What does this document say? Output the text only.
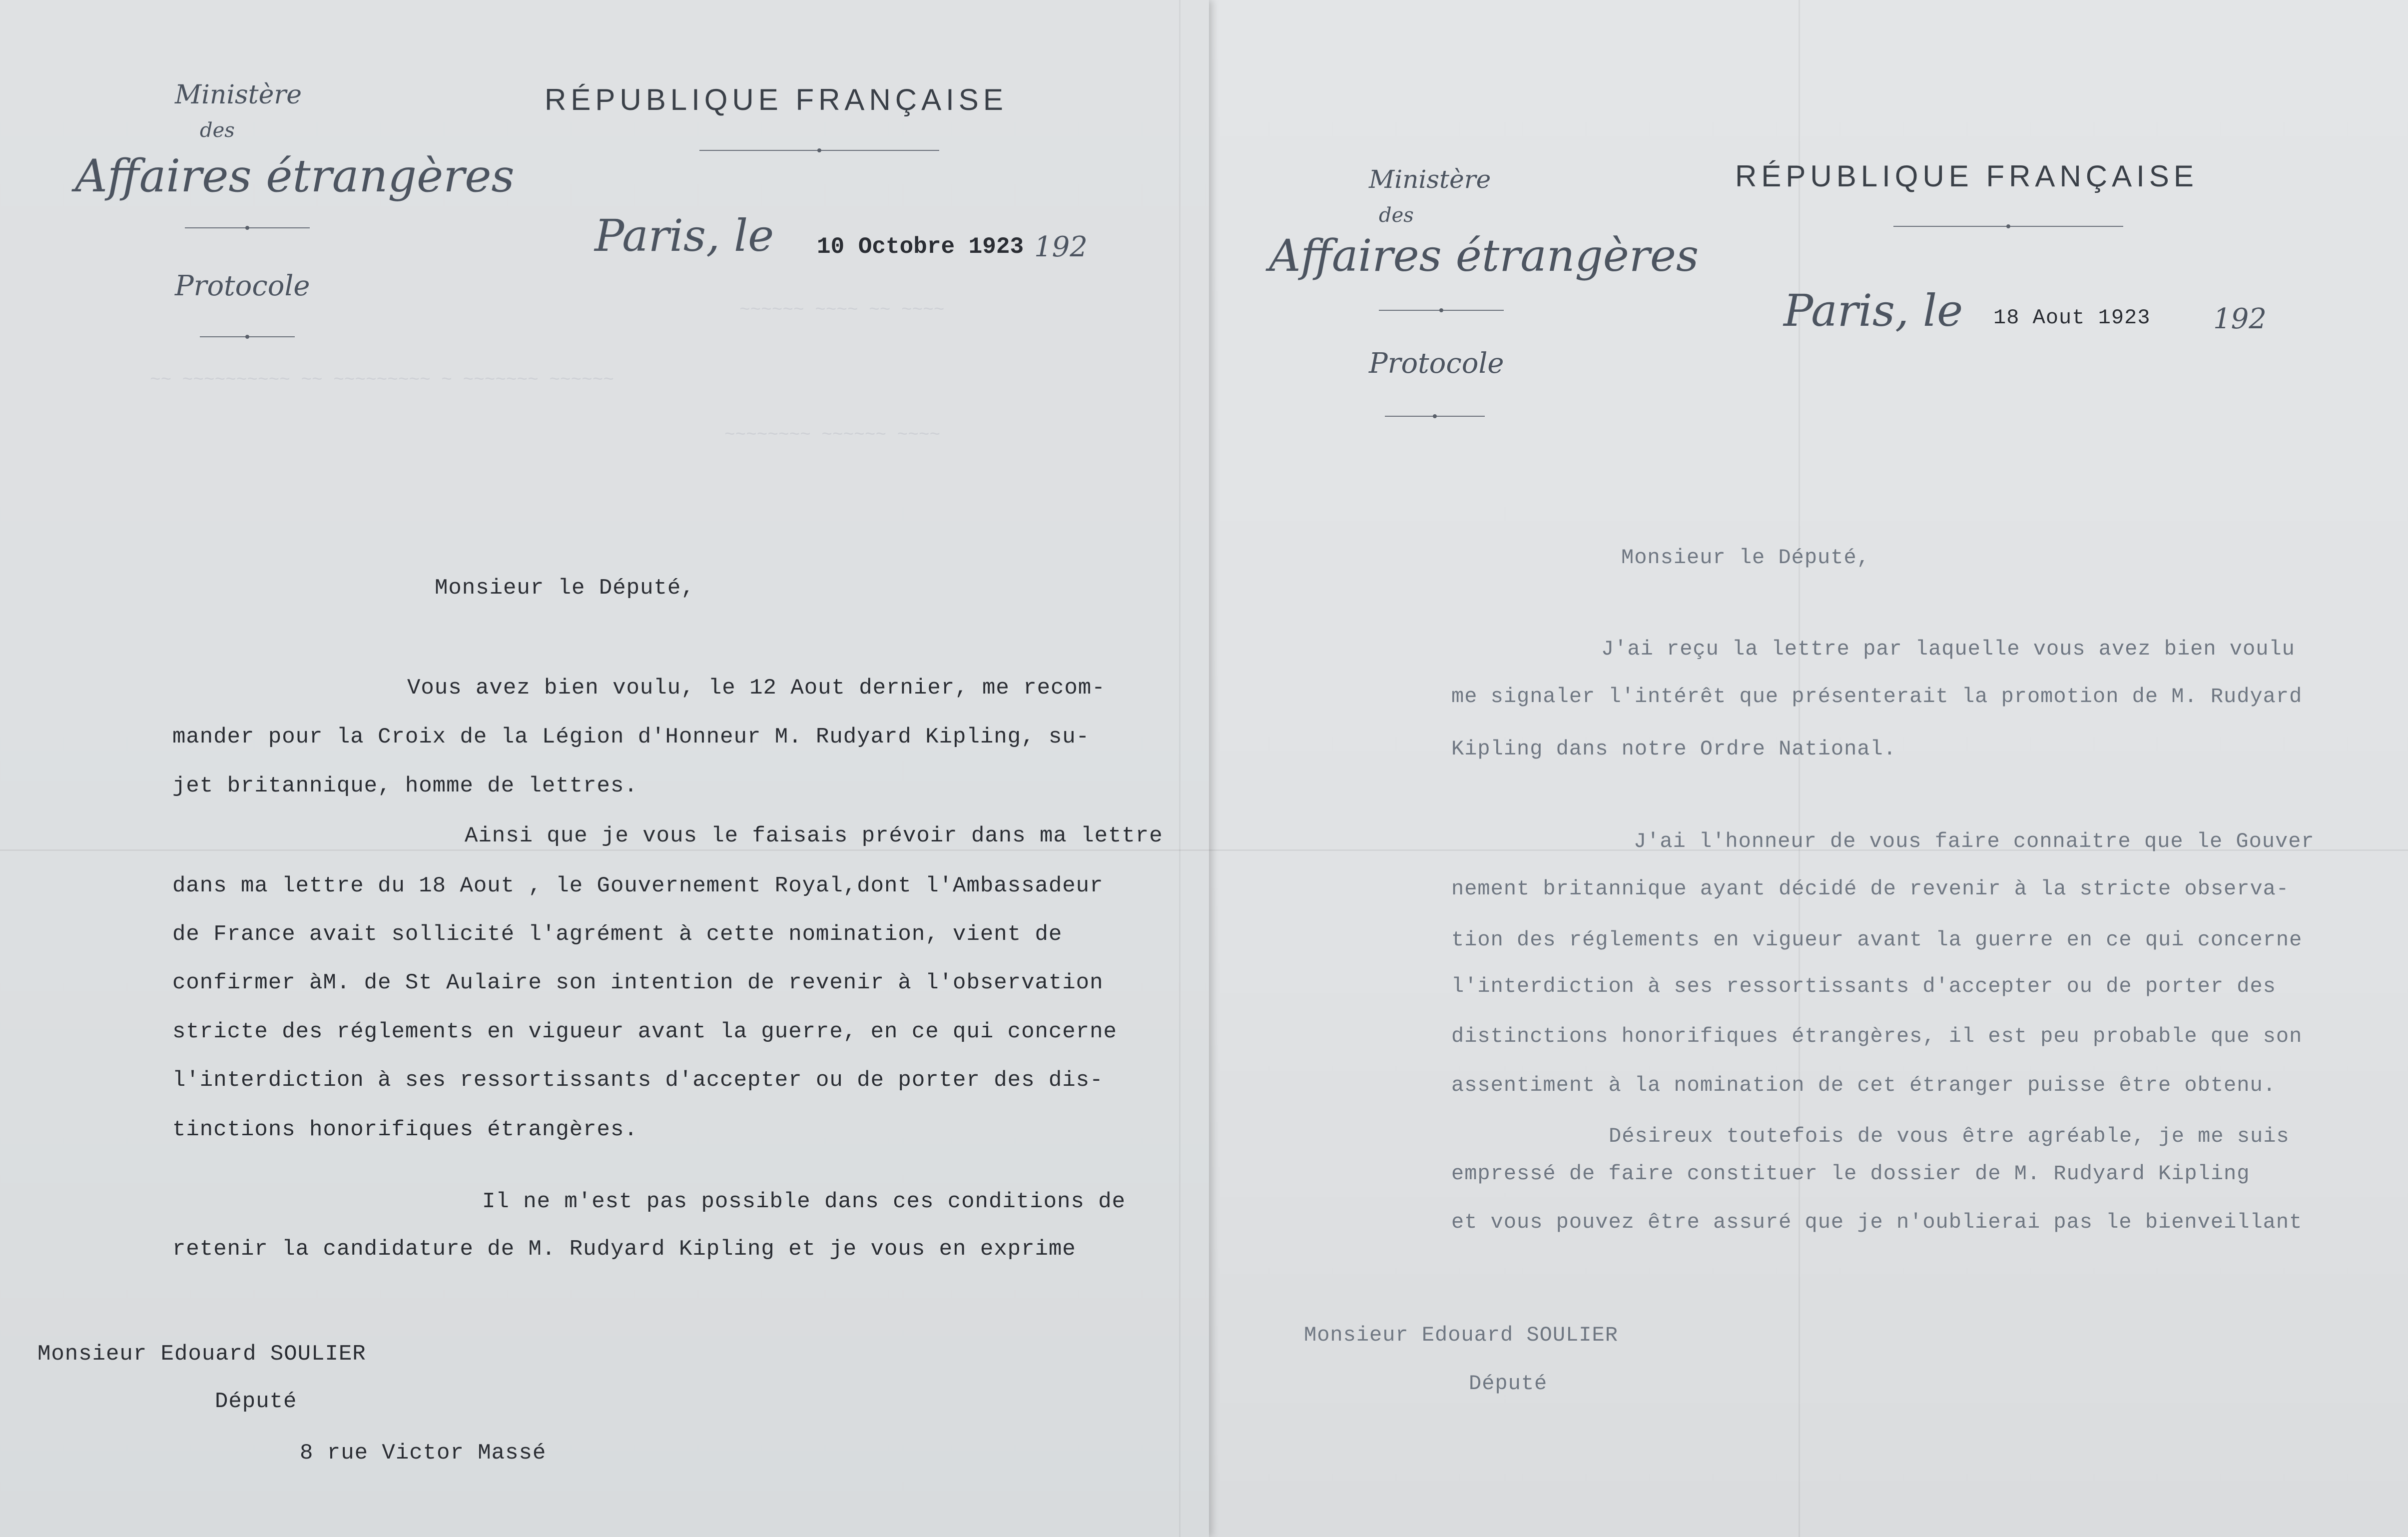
Ministère
des
Affaires étrangères
Protocole
RÉPUBLIQUE FRANÇAISE
Paris, le 10 Octobre 1923 192
~~~~~~ ~~~~ ~~ ~~~~
~~ ~~~~~~~~~~ ~~ ~~~~~~~~~ ~ ~~~~~~~ ~~~~~~
~~~~~~~~ ~~~~~~ ~~~~
Monsieur le Député,
Vous avez bien voulu, le 12 Aout dernier, me recom-
mander pour la Croix de la Légion d'Honneur M. Rudyard Kipling, su-
jet britannique, homme de lettres.
Ainsi que je vous le faisais prévoir dans ma lettre
dans ma lettre du 18 Aout , le Gouvernement Royal,dont l'Ambassadeur
de France avait sollicité l'agrément à cette nomination, vient de
confirmer àM. de St Aulaire son intention de revenir à l'observation
stricte des réglements en vigueur avant la guerre, en ce qui concerne
l'interdiction à ses ressortissants d'accepter ou de porter des dis-
tinctions honorifiques étrangères.
Il ne m'est pas possible dans ces conditions de
retenir la candidature de M. Rudyard Kipling et je vous en exprime
Monsieur Edouard SOULIER
Député
8 rue Victor Massé
Ministère
des
Affaires étrangères
Protocole
RÉPUBLIQUE FRANÇAISE
Paris, le 18 Aout 1923 192
Monsieur le Député,
J'ai reçu la lettre par laquelle vous avez bien voulu
me signaler l'intérêt que présenterait la promotion de M. Rudyard
Kipling dans notre Ordre National.
J'ai l'honneur de vous faire connaitre que le Gouver
nement britannique ayant décidé de revenir à la stricte observa-
tion des réglements en vigueur avant la guerre en ce qui concerne
l'interdiction à ses ressortissants d'accepter ou de porter des
distinctions honorifiques étrangères, il est peu probable que son
assentiment à la nomination de cet étranger puisse être obtenu.
Désireux toutefois de vous être agréable, je me suis
empressé de faire constituer le dossier de M. Rudyard Kipling
et vous pouvez être assuré que je n'oublierai pas le bienveillant
Monsieur Edouard SOULIER
Député
